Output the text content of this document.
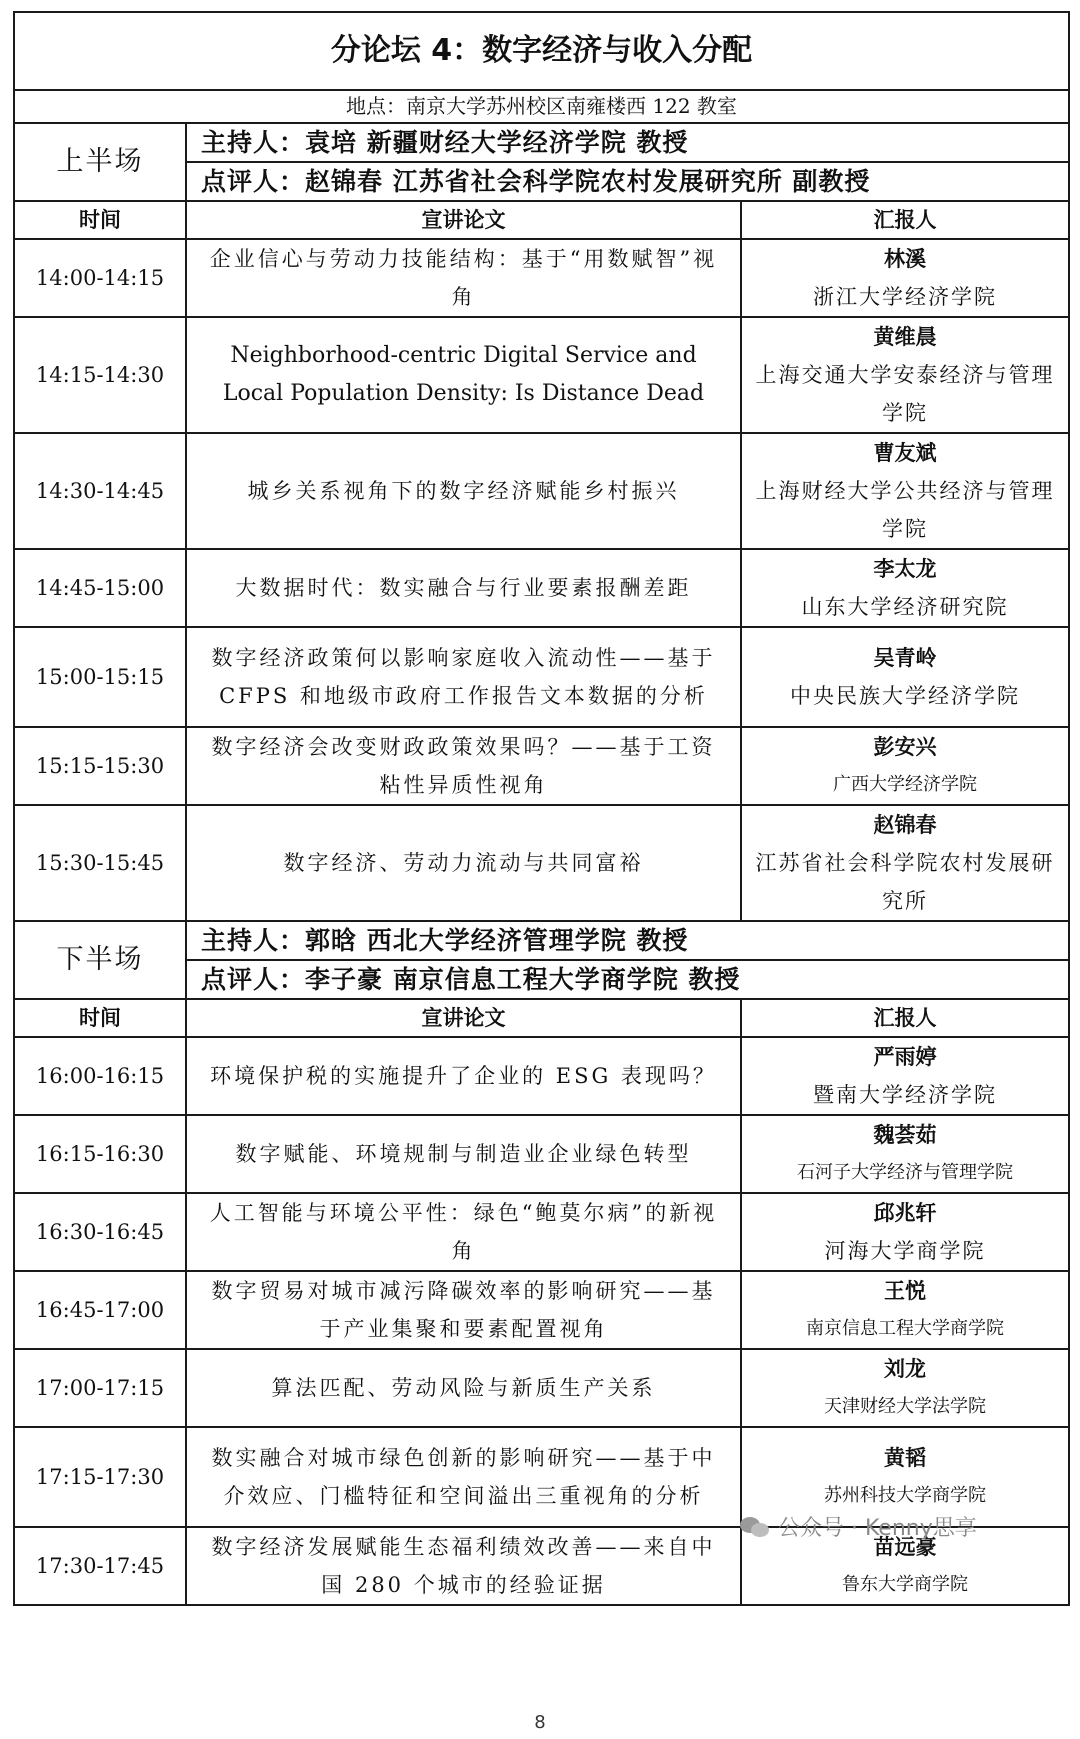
分论坛 4：数字经济与收入分配		
地点：南京大学苏州校区南雍楼西 122 教室		
上半场	主持人：袁培 新疆财经大学经济学院 教授	
	点评人：赵锦春 江苏省社会科学院农村发展研究所 副教授	
时间	宣讲论文	汇报人
14:00-14:15	企业信心与劳动力技能结构：基于“用数赋智”视角	林溪
浙江大学经济学院

14:15-14:30	Neighborhood-centric Digital Service and Local Population Density: Is Distance Dead	黄维晨
上海交通大学安泰经济与管理学院

14:30-14:45	城乡关系视角下的数字经济赋能乡村振兴	曹友斌
上海财经大学公共经济与管理学院

14:45-15:00	大数据时代：数实融合与行业要素报酬差距	李太龙
山东大学经济研究院

15:00-15:15	数字经济政策何以影响家庭收入流动性——基于 CFPS 和地级市政府工作报告文本数据的分析	吴青岭
中央民族大学经济学院

15:15-15:30	数字经济会改变财政政策效果吗？——基于工资粘性异质性视角	彭安兴
广西大学经济学院

15:30-15:45	数字经济、劳动力流动与共同富裕	赵锦春
江苏省社会科学院农村发展研究所

下半场	主持人：郭晗 西北大学经济管理学院 教授	
	点评人：李子豪 南京信息工程大学商学院 教授	
时间	宣讲论文	汇报人
16:00-16:15	环境保护税的实施提升了企业的 ESG 表现吗？	严雨婷
暨南大学经济学院

16:15-16:30	数字赋能、环境规制与制造业企业绿色转型	魏荟茹
石河子大学经济与管理学院

16:30-16:45	人工智能与环境公平性：绿色“鲍莫尔病”的新视角	邱兆轩
河海大学商学院

16:45-17:00	数字贸易对城市减污降碳效率的影响研究——基于产业集聚和要素配置视角	王悦
南京信息工程大学商学院

17:00-17:15	算法匹配、劳动风险与新质生产关系	刘龙
天津财经大学法学院

17:15-17:30	数实融合对城市绿色创新的影响研究——基于中介效应、门槛特征和空间溢出三重视角的分析	黄韬
苏州科技大学商学院

17:30-17:45	数字经济发展赋能生态福利绩效改善——来自中国 280 个城市的经验证据	苗远豪
鲁东大学商学院
公众号 · Kenny思享
8
